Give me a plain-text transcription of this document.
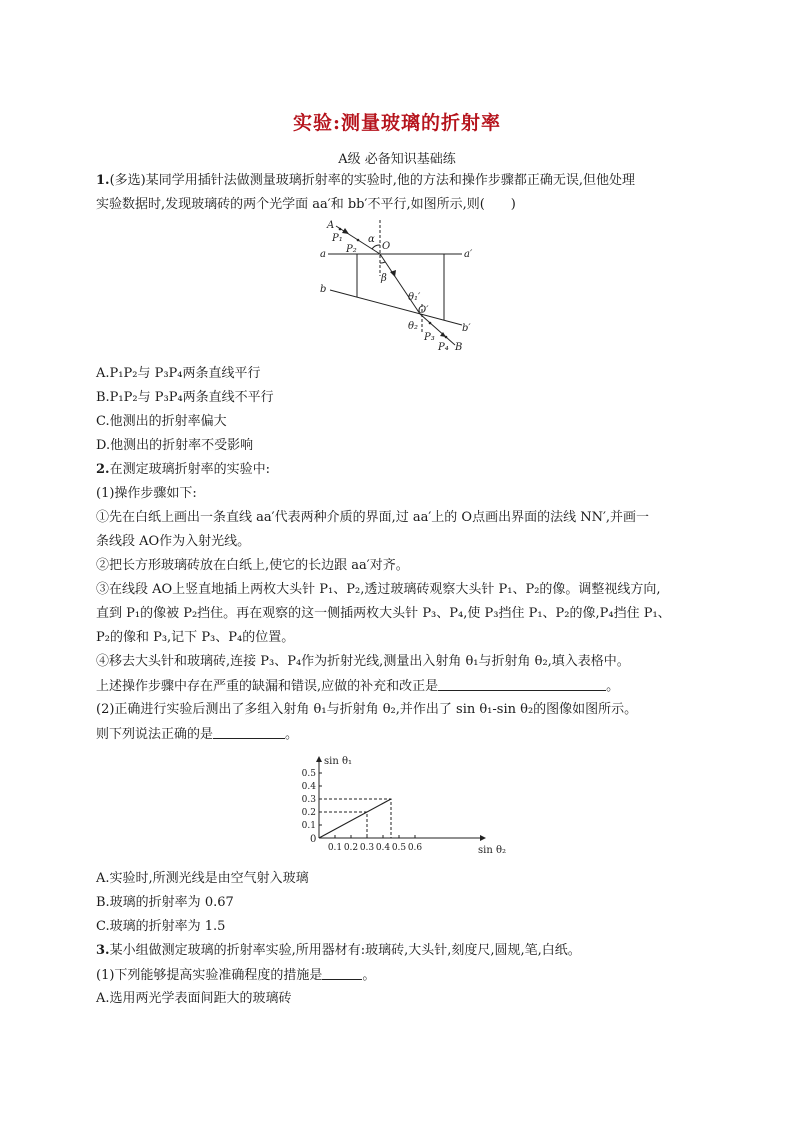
实验:测量玻璃的折射率
A级 必备知识基础练
1.(多选)某同学用插针法做测量玻璃折射率的实验时,他的方法和操作步骤都正确无误,但他处理
实验数据时,发现玻璃砖的两个光学面 aa′和 bb′不平行,如图所示,则(　　)
A
P₁
P₂
α
O
a	a′
β
b
θ₁′
O′
b′
θ₂
P₃
P₄ B
A.P₁P₂与 P₃P₄两条直线平行
B.P₁P₂与 P₃P₄两条直线不平行
C.他测出的折射率偏大
D.他测出的折射率不受影响
2.在测定玻璃折射率的实验中:
(1)操作步骤如下:
①先在白纸上画出一条直线 aa′代表两种介质的界面,过 aa′上的 O点画出界面的法线 NN′,并画一
条线段 AO作为入射光线。
②把长方形玻璃砖放在白纸上,使它的长边跟 aa′对齐。
③在线段 AO上竖直地插上两枚大头针 P₁、P₂,透过玻璃砖观察大头针 P₁、P₂的像。调整视线方向,
直到 P₁的像被 P₂挡住。再在观察的这一侧插两枚大头针 P₃、P₄,使 P₃挡住 P₁、P₂的像,P₄挡住 P₁、
P₂的像和 P₃,记下 P₃、P₄的位置。
④移去大头针和玻璃砖,连接 P₃、P₄作为折射光线,测量出入射角 θ₁与折射角 θ₂,填入表格中。
上述操作步骤中存在严重的缺漏和错误,应做的补充和改正是	。
(2)正确进行实验后测出了多组入射角 θ₁与折射角 θ₂,并作出了 sin θ₁-sin θ₂的图像如图所示。
则下列说法正确的是	。
sin θ₁
sin θ₂
0
0.1 0.2 0.3 0.4 0.5 0.6
0.1
0.2
0.3
0.4
0.5
A.实验时,所测光线是由空气射入玻璃
B.玻璃的折射率为 0.67
C.玻璃的折射率为 1.5
3.某小组做测定玻璃的折射率实验,所用器材有:玻璃砖,大头针,刻度尺,圆规,笔,白纸。
(1)下列能够提高实验准确程度的措施是	。
A.选用两光学表面间距大的玻璃砖
